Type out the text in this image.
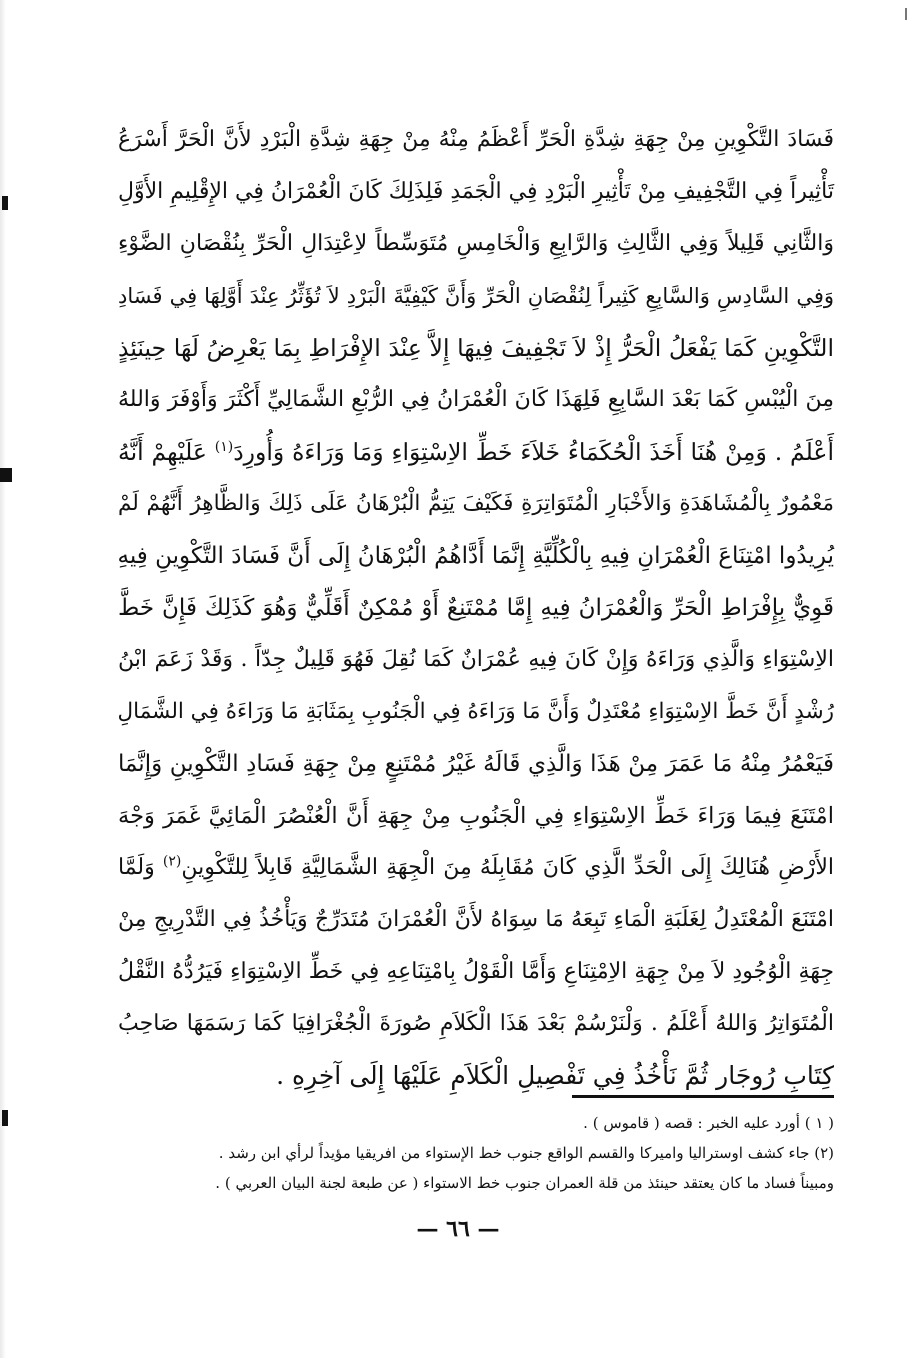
فَسَادَ التَّكْوِينِ مِنْ جِهَةِ شِدَّةِ الْحَرِّ أَعْظَمُ مِنْهُ مِنْ جِهَةِ شِدَّةِ الْبَرْدِ لأَنَّ الْحَرَّ أَسْرَعُ
تَأْثِيراً فِي التَّجْفِيفِ مِنْ تَأْثِيرِ الْبَرْدِ فِي الْجَمَدِ فَلِذَلِكَ كَانَ الْعُمْرَانُ فِي الإِقْلِيمِ الأَوَّلِ
وَالثَّانِي قَلِيلاً وَفِي الثَّالِثِ وَالرَّابِعِ وَالْخَامِسِ مُتَوَسِّطاً لاِعْتِدَالِ الْحَرِّ بِنُقْصَانِ الضَّوْءِ
وَفِي السَّادِسِ وَالسَّابِعِ كَثِيراً لِنُقْصَانِ الْحَرِّ وَأَنَّ كَيْفِيَّةَ الْبَرْدِ لاَ تُؤَثِّرُ عِنْدَ أَوَّلِهَا فِي فَسَادِ
التَّكْوِينِ كَمَا يَفْعَلُ الْحَرُّ إِذْ لاَ تَجْفِيفَ فِيهَا إِلاَّ عِنْدَ الإِفْرَاطِ بِمَا يَعْرِضُ لَهَا حِينَئِذٍ
مِنَ الْيُبْسِ كَمَا بَعْدَ السَّابِعِ فَلِهَذَا كَانَ الْعُمْرَانُ فِي الرُّبْعِ الشَّمَالِيِّ أَكْثَرَ وَأَوْفَرَ وَاللهُ
أَعْلَمُ . وَمِنْ هُنَا أَخَذَ الْحُكَمَاءُ خَلاَءَ خَطِّ الاِسْتِوَاءِ وَمَا وَرَاءَهُ وَأُورِدَ$^{(١)}$ عَلَيْهِمْ أَنَّهُ
مَعْمُورٌ بِالْمُشَاهَدَةِ وَالأَخْبَارِ الْمُتَوَاتِرَةِ فَكَيْفَ يَتِمُّ الْبُرْهَانُ عَلَى ذَلِكَ وَالظَّاهِرُ أَنَّهُمْ لَمْ
يُرِيدُوا امْتِنَاعَ الْعُمْرَانِ فِيهِ بِالْكُلِّيَّةِ إِنَّمَا أَدَّاهُمُ الْبُرْهَانُ إِلَى أَنَّ فَسَادَ التَّكْوِينِ فِيهِ
قَوِيٌّ بِإِفْرَاطِ الْحَرِّ وَالْعُمْرَانُ فِيهِ إِمَّا مُمْتَنِعٌ أَوْ مُمْكِنٌ أَقَلِّيٌّ وَهُوَ كَذَلِكَ فَإِنَّ خَطَّ
الاِسْتِوَاءِ وَالَّذِي وَرَاءَهُ وَإِنْ كَانَ فِيهِ عُمْرَانٌ كَمَا نُقِلَ فَهُوَ قَلِيلٌ جِدّاً . وَقَدْ زَعَمَ ابْنُ
رُشْدٍ أَنَّ خَطَّ الاِسْتِوَاءِ مُعْتَدِلٌ وَأَنَّ مَا وَرَاءَهُ فِي الْجَنُوبِ بِمَثَابَةِ مَا وَرَاءَهُ فِي الشَّمَالِ
فَيَعْمُرُ مِنْهُ مَا عَمَرَ مِنْ هَذَا وَالَّذِي قَالَهُ غَيْرُ مُمْتَنِعٍ مِنْ جِهَةِ فَسَادِ التَّكْوِينِ وَإِنَّمَا
امْتَنَعَ فِيمَا وَرَاءَ خَطِّ الاِسْتِوَاءِ فِي الْجَنُوبِ مِنْ جِهَةِ أَنَّ الْعُنْصُرَ الْمَائِيَّ غَمَرَ وَجْهَ
الأَرْضِ هُنَالِكَ إِلَى الْحَدِّ الَّذِي كَانَ مُقَابِلَهُ مِنَ الْجِهَةِ الشَّمَالِيَّةِ قَابِلاً لِلتَّكْوِينِ$^{(٢)}$ وَلَمَّا
امْتَنَعَ الْمُعْتَدِلُ لِغَلَبَةِ الْمَاءِ تَبِعَهُ مَا سِوَاهُ لأَنَّ الْعُمْرَانَ مُتَدَرِّجٌ وَيَأْخُذُ فِي التَّدْرِيجِ مِنْ
جِهَةِ الْوُجُودِ لاَ مِنْ جِهَةِ الاِمْتِنَاعِ وَأَمَّا الْقَوْلُ بِامْتِنَاعِهِ فِي خَطِّ الاِسْتِوَاءِ فَيَرُدُّهُ النَّقْلُ
الْمُتَوَاتِرُ وَاللهُ أَعْلَمُ . وَلْنَرْسُمْ بَعْدَ هَذَا الْكَلاَمِ صُورَةَ الْجُغْرَافِيَا كَمَا رَسَمَهَا صَاحِبُ
كِتَابِ رُوجَار ثُمَّ نَأْخُذُ فِي تَفْصِيلِ الْكَلاَمِ عَلَيْهَا إِلَى آخِرِهِ .
( ١ ) أورد عليه الخبر : قصه ( قاموس ) .
(٢) جاء كشف اوستراليا واميركا والقسم الواقع جنوب خط الإستواء من افريقيا مؤيداً لرأي ابن رشد .
ومبيناً فساد ما كان يعتقد حينئذ من قلة العمران جنوب خط الاستواء ( عن طبعة لجنة البيان العربي ) .
— ٦٦ —
